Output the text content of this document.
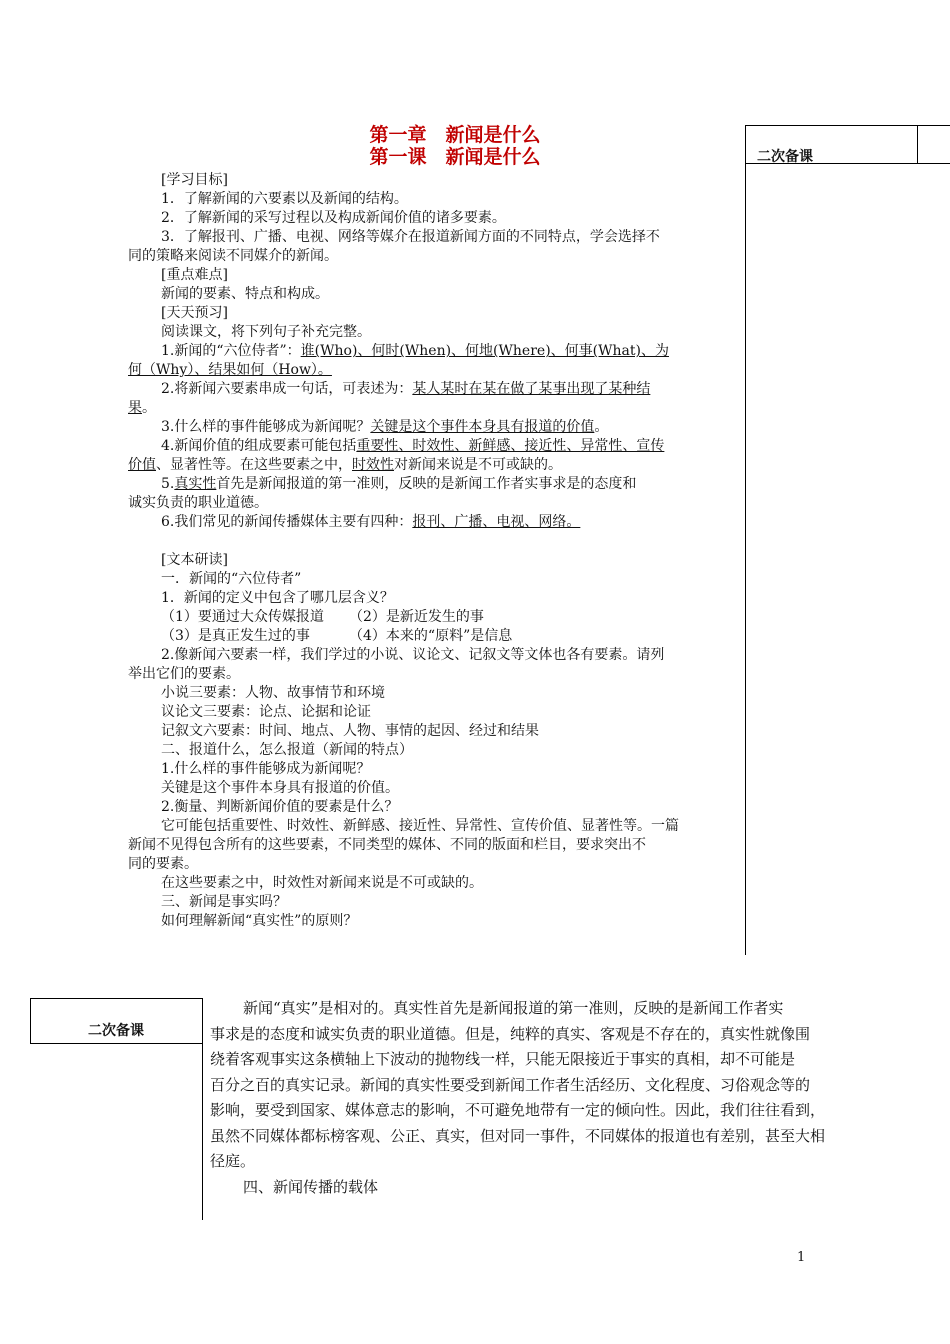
第一章　新闻是什么
第一课　新闻是什么	二次备课

[学习目标]

1．了解新闻的六要素以及新闻的结构。

2．了解新闻的采写过程以及构成新闻价值的诸多要素。

3．了解报刊、广播、电视、网络等媒介在报道新闻方面的不同特点，学会选择不

同的策略来阅读不同媒介的新闻。

[重点难点]

新闻的要素、特点和构成。

[天天预习]

阅读课文，将下列句子补充完整。

1.新闻的“六位侍者”：谁(Who)、何时(When)、何地(Where)、何事(What)、为

何（Why）、结果如何（How）。

2.将新闻六要素串成一句话，可表述为：某人某时在某在做了某事出现了某种结

果。

3.什么样的事件能够成为新闻呢？关键是这个事件本身具有报道的价值。

4.新闻价值的组成要素可能包括重要性、时效性、新鲜感、接近性、异常性、宣传

价值、显著性等。在这些要素之中，时效性对新闻来说是不可或缺的。

5.真实性首先是新闻报道的第一准则，反映的是新闻工作者实事求是的态度和

诚实负责的职业道德。

6.我们常见的新闻传播媒体主要有四种：报刊、广播、电视、网络。

[文本研读]

一．新闻的“六位侍者”

1．新闻的定义中包含了哪几层含义？

（1）要通过大众传媒报道 （2）是新近发生的事

（3）是真正发生过的事	（4）本来的“原料”是信息

2.像新闻六要素一样，我们学过的小说、议论文、记叙文等文体也各有要素。请列

举出它们的要素。

小说三要素：人物、故事情节和环境

议论文三要素：论点、论据和论证

记叙文六要素：时间、地点、人物、事情的起因、经过和结果

二、报道什么，怎么报道（新闻的特点）

1.什么样的事件能够成为新闻呢？

关键是这个事件本身具有报道的价值。

2.衡量、判断新闻价值的要素是什么？

它可能包括重要性、时效性、新鲜感、接近性、异常性、宣传价值、显著性等。一篇

新闻不见得包含所有的这些要素，不同类型的媒体、不同的版面和栏目，要求突出不

同的要素。

在这些要素之中，时效性对新闻来说是不可或缺的。

三、新闻是事实吗？

如何理解新闻“真实性”的原则？

二次备课

新闻“真实”是相对的。真实性首先是新闻报道的第一准则，反映的是新闻工作者实

事求是的态度和诚实负责的职业道德。但是，纯粹的真实、客观是不存在的，真实性就像围

绕着客观事实这条横轴上下波动的抛物线一样，只能无限接近于事实的真相，却不可能是

百分之百的真实记录。新闻的真实性要受到新闻工作者生活经历、文化程度、习俗观念等的

影响，要受到国家、媒体意志的影响，不可避免地带有一定的倾向性。因此，我们往往看到，

虽然不同媒体都标榜客观、公正、真实，但对同一事件，不同媒体的报道也有差别，甚至大相

径庭。

四、新闻传播的载体

1
